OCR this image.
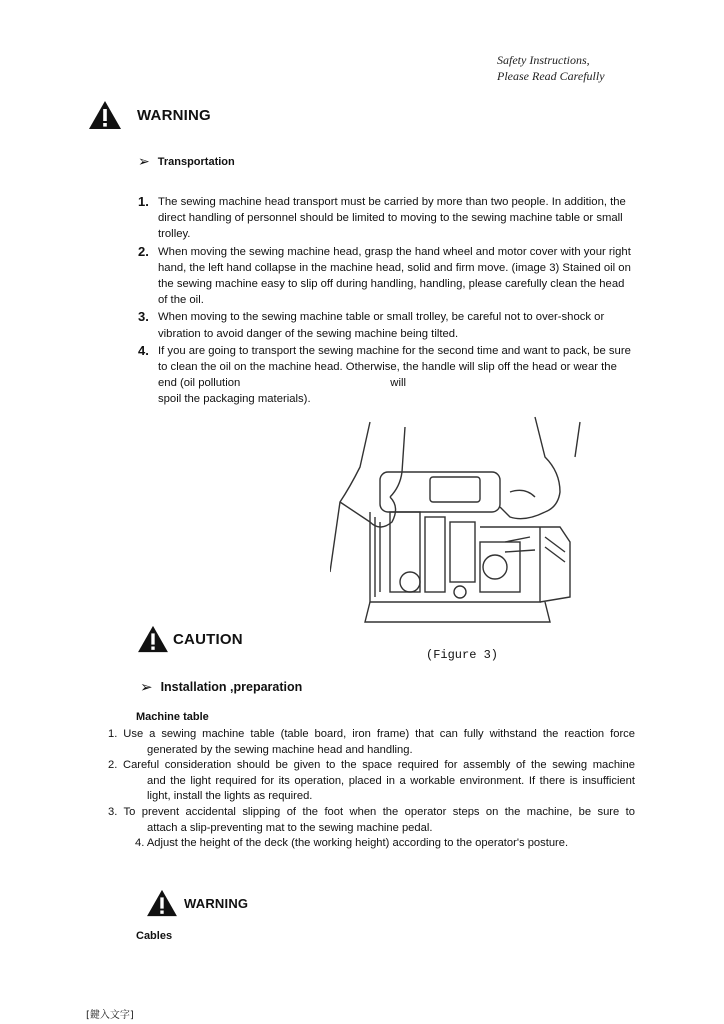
Safety Instructions,
Please Read Carefully
WARNING
➢ Transportation
1. The sewing machine head transport must be carried by more than two people. In addition, the direct handling of personnel should be limited to moving to the sewing machine table or small trolley.
2. When moving the sewing machine head, grasp the hand wheel and motor cover with your right hand, the left hand collapse in the machine head, solid and firm move. (image 3) Stained oil on the sewing machine easy to slip off during handling, handling, please carefully clean the head of the oil.
3. When moving to the sewing machine table or small trolley, be careful not to over-shock or vibration to avoid danger of the sewing machine being tilted.
4. If you are going to transport the sewing machine for the second time and want to pack, be sure to clean the oil on the machine head. Otherwise, the handle will slip off the head or wear the end (oil pollution	will
spoil the packaging materials).
CAUTION
(Figure 3)
➢ Installation ,preparation
Machine table
1. Use a sewing machine table (table board, iron frame) that can fully withstand the reaction force
generated by the sewing machine head and handling.
2. Careful consideration should be given to the space required for assembly of the sewing machine
and the light required for its operation, placed in a workable environment. If there is insufficient light, install the lights as required.
3. To prevent accidental slipping of the foot when the operator steps on the machine, be sure to
attach a slip-preventing mat to the sewing machine pedal.
4. Adjust the height of the deck (the working height) according to the operator's posture.
WARNING
Cables
[鍵入文字]
